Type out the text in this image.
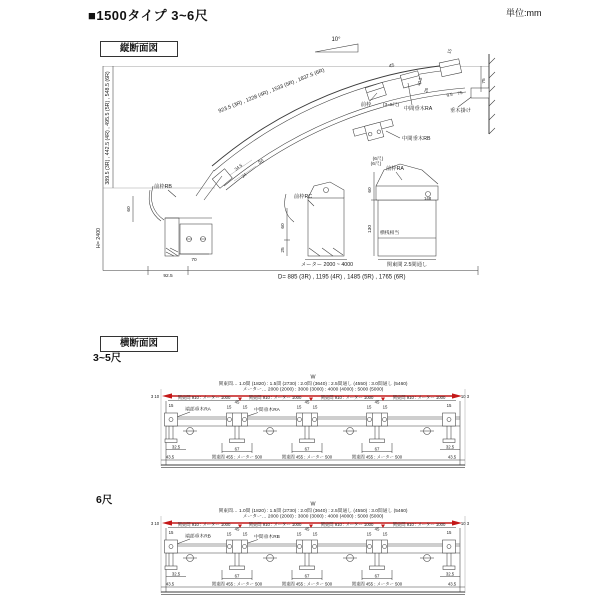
10°
15
389.5 (3R) , 442.5 (4R) , 495.5 (5R) , 548.5 (6R)	923.5 (3R) , 1228 (4R) , 1533 (5R) , 1837.5 (6R)
H= 2400
60
34.5
24
50
45
40.5
26
9.5 75
75
前枠 (3~5尺)
中間垂木RA	垂木掛け
中間垂木RB
(6尺)
前枠RB
70
92.5	D= 885 (3R) , 1195 (4R) , 1485 (5R) , 1765 (6R)
前枠RC
60
25
メーター 2000 ~ 4000
(6尺)
前枠RA
横桟相当
60
130
148
関東間 2.5間通し
W
関東間… 1.0間 (1820) : 1.5間 (2730) : 2.0間 (3640) : 2.5間通し (4550) : 3.0間通し (5460)
メーター… 2000 (2000) : 3000 (3000) : 4000 (4000) : 5000 (5000)
3 10	10 3
関東間 910 : メーター 1000	関東間 910 : メーター 1000	関東間 910 : メーター 1000	関東間 910 : メーター 1000
15	15
45
15	15
45
15	15
45
15	15
端部垂木RA	中間垂木RA
67	67	67
32.5	32.5
43.5	関東間 455 : メーター 500	関東間 455 : メーター 500	関東間 455 : メーター 500	43.5
W
関東間… 1.0間 (1820) : 1.5間 (2730) : 2.0間 (3640) : 2.5間通し (4550) : 3.0間通し (5460)
メーター… 2000 (2000) : 3000 (3000) : 4000 (4000) : 5000 (5000)
3 10	10 3
関東間 910 : メーター 1000	関東間 910 : メーター 1000	関東間 910 : メーター 1000	関東間 910 : メーター 1000
15	15
45
15	15
45
15	15
45
15	15
端部垂木RB	中間垂木RB
67	67	67
32.5	32.5
43.5	関東間 455 : メーター 500	関東間 455 : メーター 500	関東間 455 : メーター 500	43.5
■1500タイプ 3~6尺	単位:mm
縦断面図
横断面図
3~5尺
6尺
